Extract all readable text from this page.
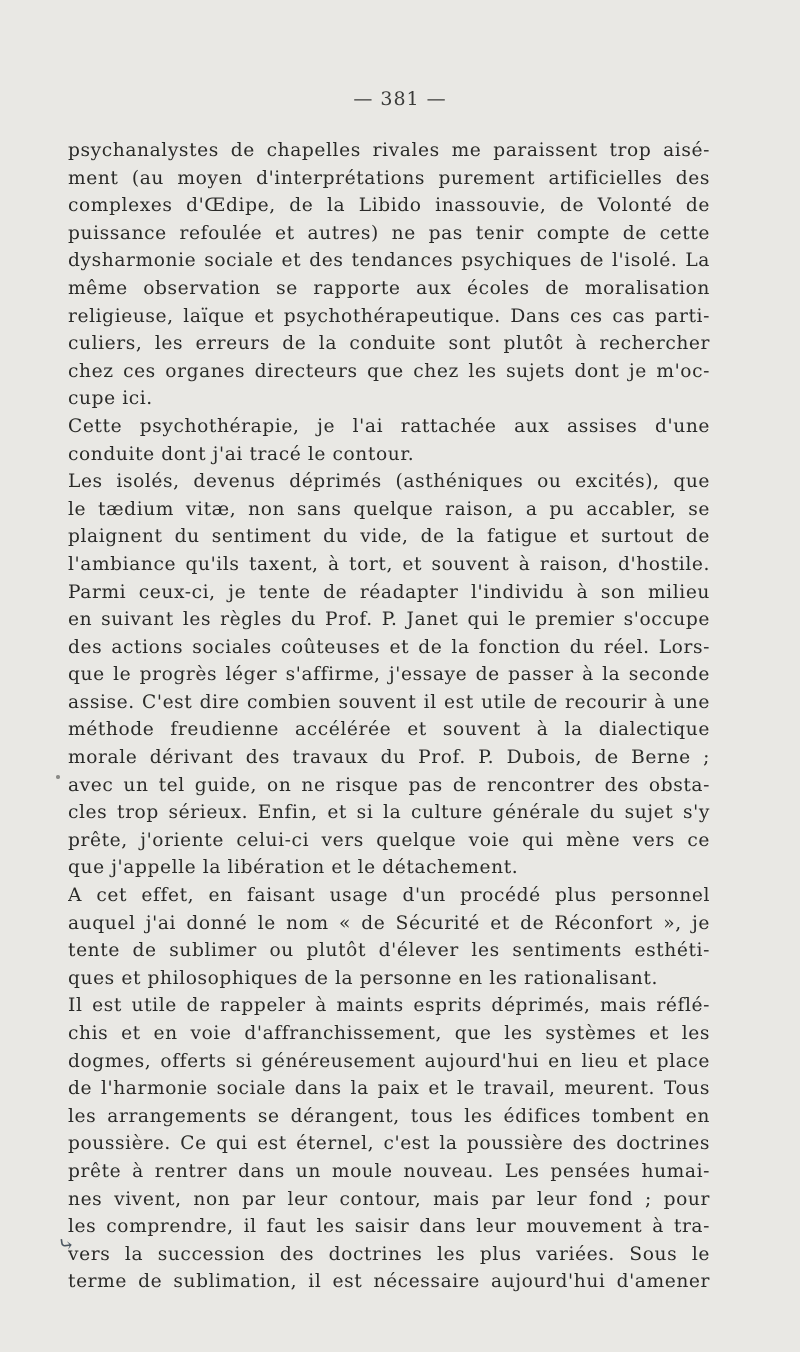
— 381 —
psychanalystes de chapelles rivales me paraissent trop aisé-
ment (au moyen d'interprétations purement artificielles des
complexes d'Œdipe, de la Libido inassouvie, de Volonté de
puissance refoulée et autres) ne pas tenir compte de cette
dysharmonie sociale et des tendances psychiques de l'isolé. La
même observation se rapporte aux écoles de moralisation
religieuse, laïque et psychothérapeutique. Dans ces cas parti-
culiers, les erreurs de la conduite sont plutôt à rechercher
chez ces organes directeurs que chez les sujets dont je m'oc-
cupe ici.
Cette psychothérapie, je l'ai rattachée aux assises d'une
conduite dont j'ai tracé le contour.
Les isolés, devenus déprimés (asthéniques ou excités), que
le tædium vitæ, non sans quelque raison, a pu accabler, se
plaignent du sentiment du vide, de la fatigue et surtout de
l'ambiance qu'ils taxent, à tort, et souvent à raison, d'hostile.
Parmi ceux-ci, je tente de réadapter l'individu à son milieu
en suivant les règles du Prof. P. Janet qui le premier s'occupe
des actions sociales coûteuses et de la fonction du réel. Lors-
que le progrès léger s'affirme, j'essaye de passer à la seconde
assise. C'est dire combien souvent il est utile de recourir à une
méthode freudienne accélérée et souvent à la dialectique
morale dérivant des travaux du Prof. P. Dubois, de Berne ;
avec un tel guide, on ne risque pas de rencontrer des obsta-
cles trop sérieux. Enfin, et si la culture générale du sujet s'y
prête, j'oriente celui-ci vers quelque voie qui mène vers ce
que j'appelle la libération et le détachement.
A cet effet, en faisant usage d'un procédé plus personnel
auquel j'ai donné le nom « de Sécurité et de Réconfort », je
tente de sublimer ou plutôt d'élever les sentiments esthéti-
ques et philosophiques de la personne en les rationalisant.
Il est utile de rappeler à maints esprits déprimés, mais réflé-
chis et en voie d'affranchissement, que les systèmes et les
dogmes, offerts si généreusement aujourd'hui en lieu et place
de l'harmonie sociale dans la paix et le travail, meurent. Tous
les arrangements se dérangent, tous les édifices tombent en
poussière. Ce qui est éternel, c'est la poussière des doctrines
prête à rentrer dans un moule nouveau. Les pensées humai-
nes vivent, non par leur contour, mais par leur fond ; pour
les comprendre, il faut les saisir dans leur mouvement à tra-
vers la succession des doctrines les plus variées. Sous le
terme de sublimation, il est nécessaire aujourd'hui d'amener
⤷
